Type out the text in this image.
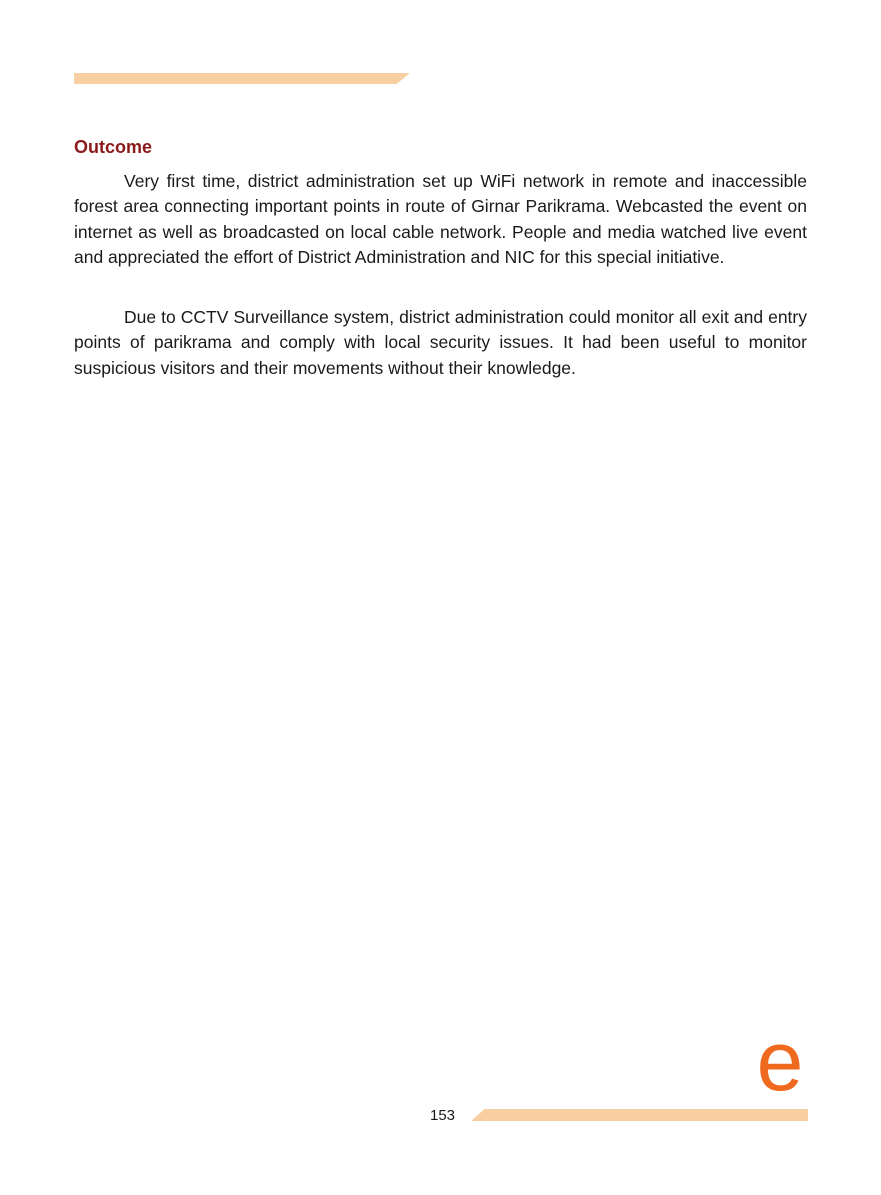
Outcome

Very first time, district administration set up WiFi network in remote and inaccessible forest area connecting important points in route of Girnar Parikrama. Webcasted the event on internet as well as broadcasted on local cable network. People and media watched live event and appreciated the effort of District Administration and NIC for this special initiative.

Due to CCTV Surveillance system, district administration could monitor all exit and entry points of parikrama and comply with local security issues. It had been useful to monitor suspicious visitors and their movements without their knowledge.

e
153
